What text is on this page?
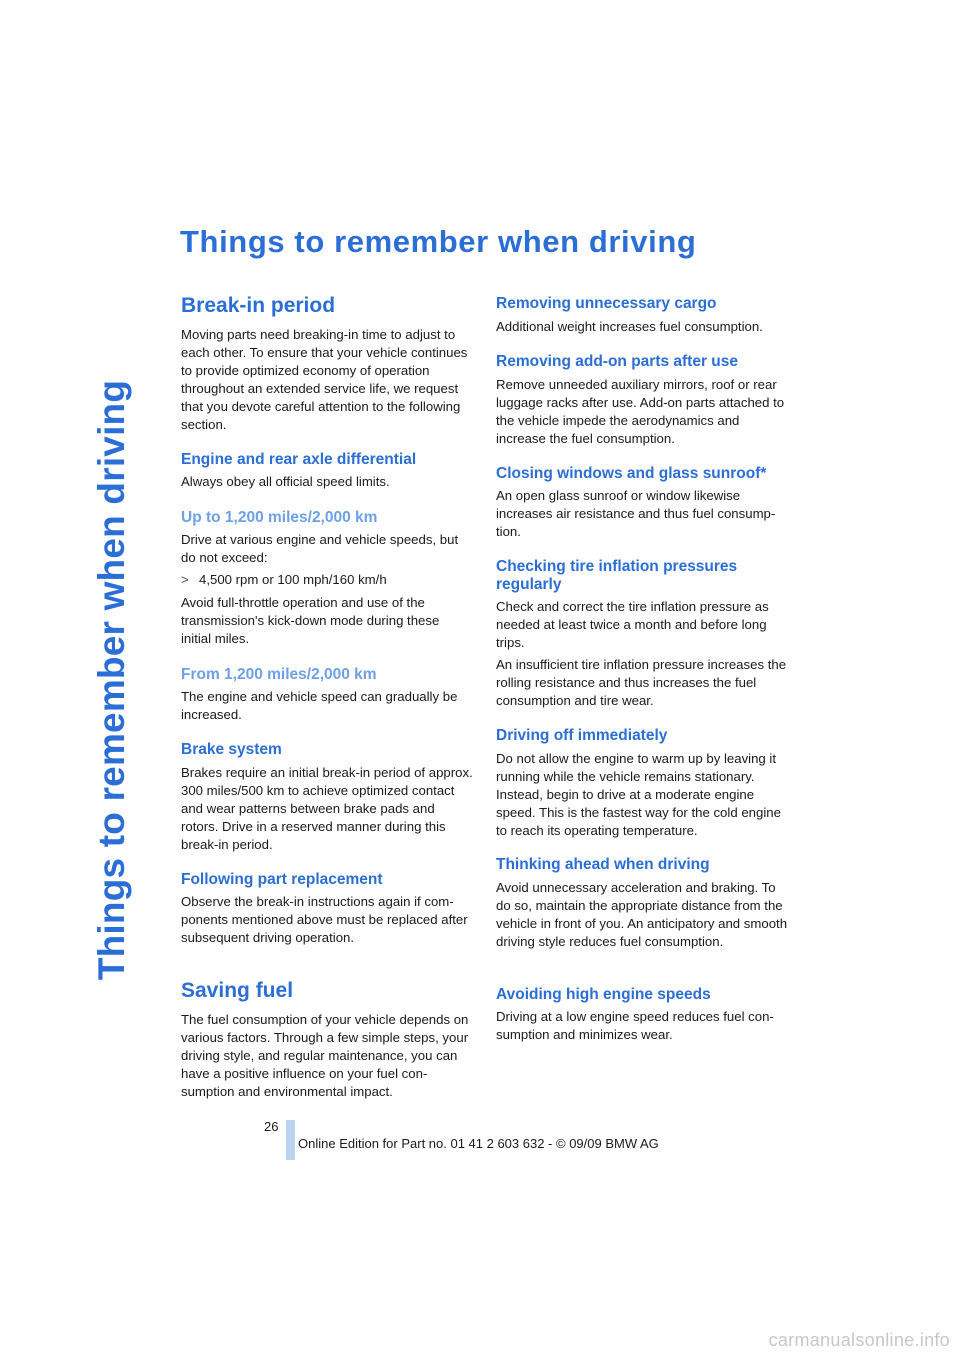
Things to remember when driving
Things to remember when driving
Break-in period
Moving parts need breaking-in time to adjust to each other. To ensure that your vehicle continues to provide optimized economy of operation throughout an extended service life, we request that you devote careful attention to the following section.
Engine and rear axle differential
Always obey all official speed limits.
Up to 1,200 miles/2,000 km
Drive at various engine and vehicle speeds, but do not exceed:
> 4,500 rpm or 100 mph/160 km/h
Avoid full-throttle operation and use of the transmission's kick-down mode during these initial miles.
From 1,200 miles/2,000 km
The engine and vehicle speed can gradually be increased.
Brake system
Brakes require an initial break-in period of approx. 300 miles/500 km to achieve optimized contact and wear patterns between brake pads and rotors. Drive in a reserved manner during this break-in period.
Following part replacement
Observe the break-in instructions again if components mentioned above must be replaced after subsequent driving operation.
Saving fuel
The fuel consumption of your vehicle depends on various factors. Through a few simple steps, your driving style, and regular maintenance, you can have a positive influence on your fuel consumption and environmental impact.
Removing unnecessary cargo
Additional weight increases fuel consumption.
Removing add-on parts after use
Remove unneeded auxiliary mirrors, roof or rear luggage racks after use. Add-on parts attached to the vehicle impede the aerodynamics and increase the fuel consumption.
Closing windows and glass sunroof*
An open glass sunroof or window likewise increases air resistance and thus fuel consumption.
Checking tire inflation pressures regularly
Check and correct the tire inflation pressure as needed at least twice a month and before long trips.
An insufficient tire inflation pressure increases the rolling resistance and thus increases the fuel consumption and tire wear.
Driving off immediately
Do not allow the engine to warm up by leaving it running while the vehicle remains stationary. Instead, begin to drive at a moderate engine speed. This is the fastest way for the cold engine to reach its operating temperature.
Thinking ahead when driving
Avoid unnecessary acceleration and braking. To do so, maintain the appropriate distance from the vehicle in front of you. An anticipatory and smooth driving style reduces fuel consumption.
Avoiding high engine speeds
Driving at a low engine speed reduces fuel consumption and minimizes wear.
26
Online Edition for Part no. 01 41 2 603 632 - © 09/09 BMW AG
carmanualsonline.info
